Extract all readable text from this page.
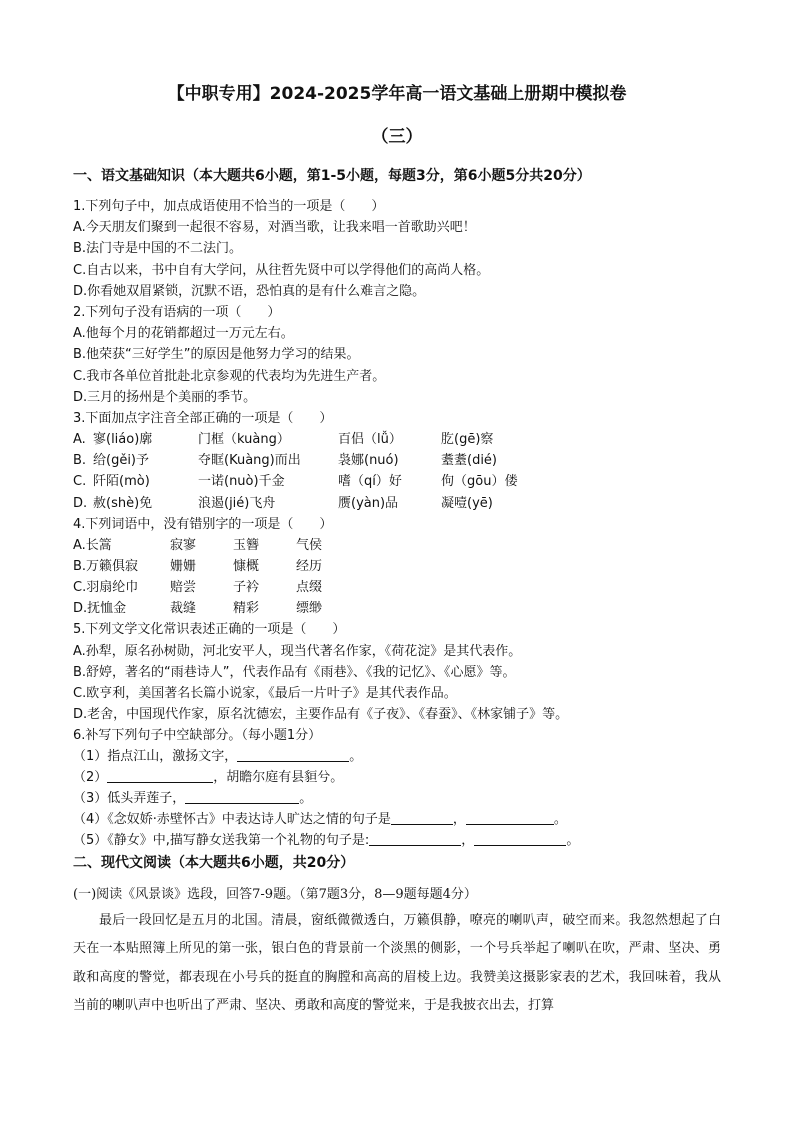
【中职专用】2024-2025学年高一语文基础上册期中模拟卷
（三）
一、语文基础知识（本大题共6小题，第1-5小题，每题3分，第6小题5分共20分）
1.下列句子中，加点成语使用不恰当的一项是（　　）
A.今天朋友们聚到一起很不容易，对酒当歌，让我来唱一首歌助兴吧！
B.法门寺是中国的不二法门。
C.自古以来，书中自有大学问，从往哲先贤中可以学得他们的高尚人格。
D.你看她双眉紧锁，沉默不语，恐怕真的是有什么难言之隐。
2.下列句子没有语病的一项（　　）
A.他每个月的花销都超过一万元左右。
B.他荣获“三好学生”的原因是他努力学习的结果。
C.我市各单位首批赴北京参观的代表均为先进生产者。
D.三月的扬州是个美丽的季节。
3.下面加点字注音全部正确的一项是（　　）
A. 寥(liáo)廓	门框（kuàng）	百侣（lǚ）	肐(gē)察
B. 给(gěi)予	夺眶(Kuàng)而出	袅娜(nuó)	耋耋(dié)
C. 阡陌(mò)	一诺(nuò)千金	嗜（qí）好	佝（gōu）偻
D. 赦(shè)免	浪遏(jié)飞舟	赝(yàn)品	凝噎(yē)
4.下列词语中，没有错别字的一项是（　　）
A.长篙	寂寥	玉簪	气侯
B.万籁俱寂 姗姗	慷概	经历
C.羽扇纶巾 赔尝	子衿	点缀
D.抚恤金	裁缝	精彩	缥缈
5.下列文学文化常识表述正确的一项是（　　）
A.孙犁，原名孙树勋，河北安平人，现当代著名作家，《荷花淀》是其代表作。
B.舒婷，著名的“雨巷诗人”，代表作品有《雨巷》、《我的记忆》、《心愿》等。
C.欧亨利，美国著名长篇小说家，《最后一片叶子》是其代表作品。
D.老舍，中国现代作家，原名沈德宏，主要作品有《子夜》、《春蚕》、《林家铺子》等。
6.补写下列句子中空缺部分。（每小题1分）
（1）指点江山，激扬文字，	。
（2）	，胡瞻尔庭有县貆兮。
（3）低头弄莲子，	。
（4）《念奴娇·赤壁怀古》中表达诗人旷达之情的句子是	，	。
（5）《静女》中,描写静女送我第一个礼物的句子是:	，	。
二、现代文阅读（本大题共6小题，共20分）
(一)阅读《风景谈》选段，回答7-9题。（第7题3分，8—9题每题4分）
最后一段回忆是五月的北国。清晨，窗纸微微透白，万籁俱静，嘹亮的喇叭声，破空而来。我忽然想起了白天在一本贴照簿上所见的第一张，银白色的背景前一个淡黑的侧影，一个号兵举起了喇叭在吹，严肃、坚决、勇敢和高度的警觉，都表现在小号兵的挺直的胸膛和高高的眉棱上边。我赞美这摄影家表的艺术，我回味着，我从当前的喇叭声中也听出了严肃、坚决、勇敢和高度的警觉来，于是我披衣出去，打算
